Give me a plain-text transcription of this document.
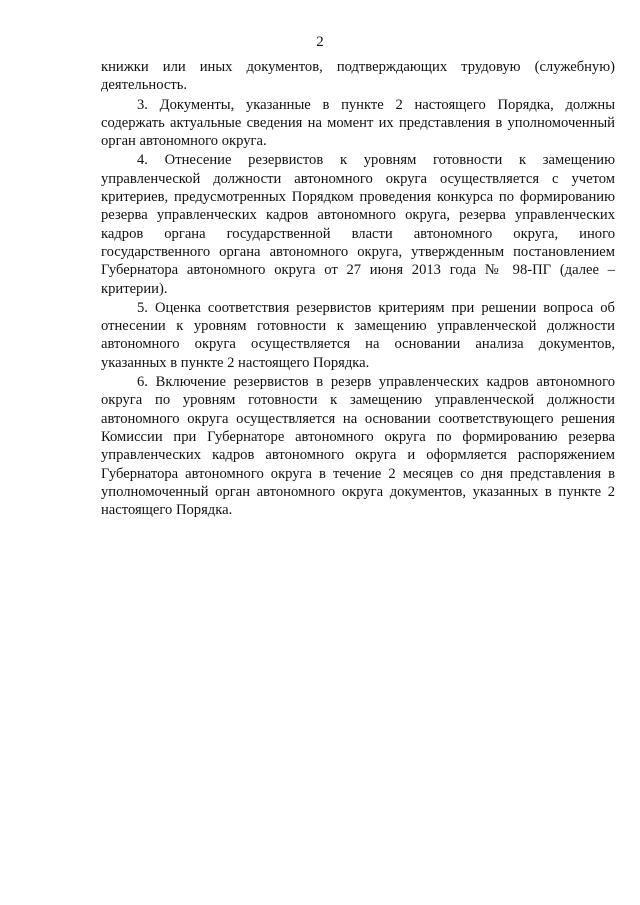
2

книжки или иных документов, подтверждающих трудовую (служебную) деятельность.

3. Документы, указанные в пункте 2 настоящего Порядка, должны содержать актуальные сведения на момент их представления в уполномоченный орган автономного округа.

4. Отнесение резервистов к уровням готовности к замещению управленческой должности автономного округа осуществляется с учетом критериев, предусмотренных Порядком проведения конкурса по формированию резерва управленческих кадров автономного округа, резерва управленческих кадров органа государственной власти автономного округа, иного государственного органа автономного округа, утвержденным постановлением Губернатора автономного округа от 27 июня 2013 года № 98-ПГ (далее – критерии).

5. Оценка соответствия резервистов критериям при решении вопроса об отнесении к уровням готовности к замещению управленческой должности автономного округа осуществляется на основании анализа документов, указанных в пункте 2 настоящего Порядка.

6. Включение резервистов в резерв управленческих кадров автономного округа по уровням готовности к замещению управленческой должности автономного округа осуществляется на основании соответствующего решения Комиссии при Губернаторе автономного округа по формированию резерва управленческих кадров автономного округа и оформляется распоряжением Губернатора автономного округа в течение 2 месяцев со дня представления в уполномоченный орган автономного округа документов, указанных в пункте 2 настоящего Порядка.
